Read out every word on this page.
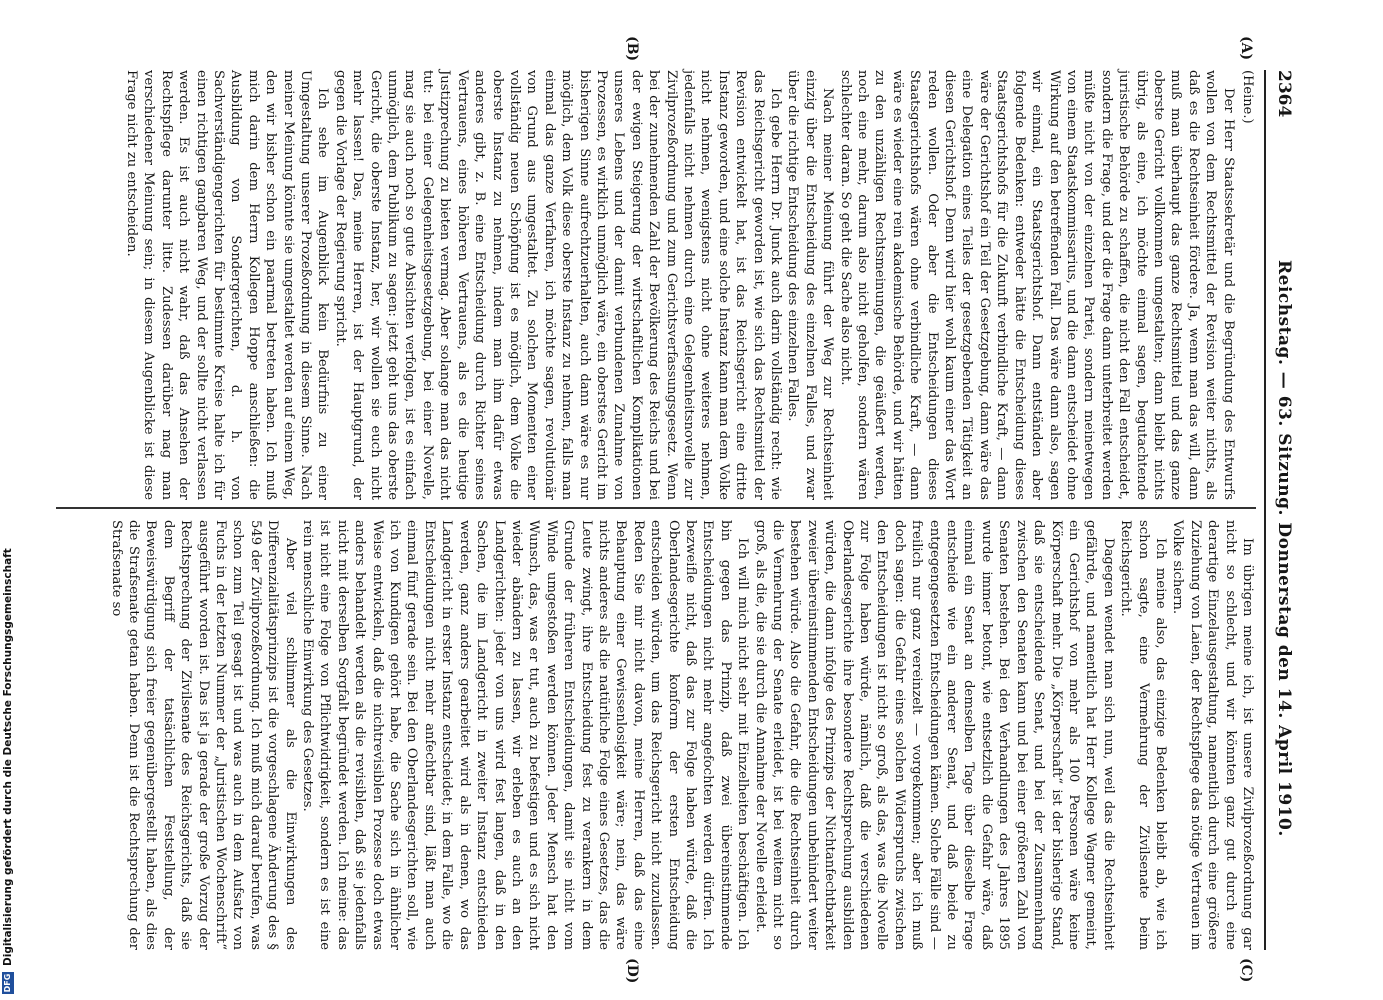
2364
Reichstag. — 63. Sitzung. Donnerstag den 14. April 1910.
(A)
(B)
(C)
(D)

(Heine.)

Der Herr Staatssekretär und die Begründung des Entwurfs wollen von dem Rechtsmittel der Revision weiter nichts, als daß es die Rechtseinheit fördere. Ja, wenn man das will, dann muß man überhaupt das ganze Rechtsmittel und das ganze oberste Gericht vollkommen umgestalten; dann bleibt nichts übrig, als eine, ich möchte einmal sagen, begutachtende juristische Behörde zu schaffen, die nicht den Fall entscheidet, sondern die Frage, und der die Frage dann unterbreitet werden müßte nicht von der einzelnen Partei, sondern meinetwegen von einem Staatskommissarius, und die dann entscheidet ohne Wirkung auf den betreffenden Fall. Das wäre dann also, sagen wir einmal, ein Staatsgerichtshof. Dann entständen aber folgende Bedenken: entweder hätte die Entscheidung dieses Staatsgerichtshofs für die Zukunft verbindliche Kraft, — dann wäre der Gerichtshof ein Teil der Gesetzgebung, dann wäre das eine Delegation eines Teiles der gesetzgebenden Tätigkeit an diesen Gerichtshof. Denn wird hier wohl kaum einer das Wort reden wollen. Oder aber die Entscheidungen dieses Staatsgerichtshofs wären ohne verbindliche Kraft, — dann wäre es wieder eine rein akademische Behörde, und wir hätten zu den unzähligen Rechtsmeinungen, die geäußert werden, noch eine mehr, darum also nicht geholfen, sondern wären schlechter daran. So geht die Sache also nicht.

Nach meiner Meinung führt der Weg zur Rechtseinheit einzig über die Entscheidung des einzelnen Falles, und zwar über die richtige Entscheidung des einzelnen Falles.

Ich gebe Herrn Dr. Junck auch darin vollständig recht: wie das Reichsgericht geworden ist, wie sich das Rechtsmittel der Revision entwickelt hat, ist das Reichsgericht eine dritte Instanz geworden, und eine solche Instanz kann man dem Volke nicht nehmen, wenigstens nicht ohne weiteres nehmen, jedenfalls nicht nehmen durch eine Gelegenheitsnovelle zur Zivilprozeßordnung und zum Gerichtsverfassungsgesetz. Wenn bei der zunehmenden Zahl der Bevölkerung des Reichs und bei der ewigen Steigerung der wirtschaftlichen Komplikationen unseres Lebens und der damit verbundenen Zunahme von Prozessen, es wirklich unmöglich wäre, ein oberstes Gericht im bisherigen Sinne aufrechtzuerhalten, auch dann wäre es nur möglich, dem Volk diese oberste Instanz zu nehmen, falls man einmal das ganze Verfahren, ich möchte sagen, revolutionär von Grund aus umgestaltet. Zu solchen Momenten einer vollständig neuen Schöpfung ist es möglich, dem Volke die oberste Instanz zu nehmen, indem man ihm dafür etwas anderes gibt, z. B. eine Entscheidung durch Richter seines Vertrauens, eines höheren Vertrauens, als es die heutige Justizprechung zu bieten vermag. Aber solange man das nicht tut: bei einer Gelegenheitsgesetzgebung, bei einer Novelle, mag sie auch noch so gute Absichten verfolgen, ist es einfach unmöglich, dem Publikum zu sagen: jetzt geht uns das oberste Gericht, die oberste Instanz, her, wir wollen sie euch nicht mehr lassen! Das, meine Herren, ist der Hauptgrund, der gegen die Vorlage der Regierung spricht.

Ich sehe im Augenblick kein Bedürfnis zu einer Umgestaltung unserer Prozeßordnung in diesem Sinne. Nach meiner Meinung könnte sie umgestaltet werden auf einem Weg, den wir bisher schon ein paarmal betreten haben. Ich muß mich darin dem Herrn Kollegen Hoppe anschließen: die Ausbildung von Sondergerichten, d. h. von Sachverständigengerichten für bestimmte Kreise halte ich für einen richtigen gangbaren Weg, und der sollte nicht verlassen werden. Es ist auch nicht wahr, daß das Ansehen der Rechtspflege darunter litte. Zudessen darüber mag man verschiedener Meinung sein; in diesem Augenblicke ist diese Frage nicht zu entscheiden.

Im übrigen meine ich, ist unsere Zivilprozeßordnung gar nicht so schlecht, und wir könnten ganz gut durch eine derartige Einzelausgestaltung, namentlich durch eine größere Zuziehung von Laien, der Rechtspflege das nötige Vertrauen im Volke sichern.

Ich meine also, das einzige Bedenken bleibt ab, wie ich schon sagte, eine Vermehrung der Zivilsenate beim Reichsgericht.

Dagegen wendet man sich nun, weil das die Rechtseinheit gefährde, und namentlich hat Herr Kollege Wagner gemeint, ein Gerichtshof von mehr als 100 Personen wäre keine Körperschaft mehr. Die „Körperschaft“ ist der bisherige Stand, daß sie entscheidende Senat, und bei der Zusammenhang zwischen den Senaten kann und bei einer größeren Zahl von Senaten bestehen. Bei den Verhandlungen des Jahres 1895 wurde immer betont, wie entsetzlich die Gefahr wäre, daß einmal ein Senat an demselben Tage über dieselbe Frage entscheide wie ein anderer Senat, und daß beide zu entgegengesetzten Entscheidungen kämen. Solche Fälle sind — freilich nur ganz vereinzelt — vorgekommen; aber ich muß doch sagen: die Gefahr eines solchen Widerspruchs zwischen den Entscheidungen ist nicht so groß, als das, was die Novelle zur Folge haben würde, nämlich, daß die verschiedenen Oberlandesgerichte ihre besondere Rechtsprechung ausbilden würden, die dann infolge des Prinzips der Nichtanfechtbarkeit zweier übereinstimmenden Entscheidungen unbehindert weiter bestehen würde. Also die Gefahr, die die Rechtseinheit durch die Vermehrung der Senate erleidet, ist bei weitem nicht so groß, als die, die sie durch die Annahme der Novelle erleidet.

Ich will mich nicht sehr mit Einzelheiten beschäftigen. Ich bin gegen das Prinzip, daß zwei übereinstimmende Entscheidungen nicht mehr angefochten werden dürfen. Ich bezweifle nicht, daß das zur Folge haben würde, daß die Oberlandesgerichte konform der ersten Entscheidung entscheiden würden, um das Reichsgericht nicht zuzulassen. Reden Sie mir nicht davon, meine Herren, daß das eine Behauptung einer Gewissenlosigkeit wäre; nein, das wäre nichts anderes als die natürliche Folge eines Gesetzes, das die Leute zwingt, ihre Entscheidung fest zu verankern in dem Grunde der früheren Entscheidungen, damit sie nicht vom Winde umgestoßen werden können. Jeder Mensch hat den Wunsch, das, was er tut, auch zu befestigen und es sich nicht wieder abändern zu lassen, wir erleben es auch an den Landgerichten: jeder von uns wird fest langen, daß in den Sachen, die im Landgericht in zweiter Instanz entschieden werden, ganz anders gearbeitet wird als in denen, wo das Landgericht in erster Instanz entscheidet; in dem Falle, wo die Entscheidungen nicht mehr anfechtbar sind, läßt man auch einmal fünf gerade sein. Bei den Oberlandesgerichten soll, wie ich von Kundigen gehört habe, die Sache sich in ähnlicher Weise entwickeln, daß die nichtrevisiblen Prozesse doch etwas anders behandelt werden als die revisiblen, daß sie jedenfalls nicht mit derselben Sorgfalt begründet werden. Ich meine: das ist nicht eine Folge von Pflichtwidrigkeit, sondern es ist eine rein menschliche Einwirkung des Gesetzes.

Aber viel schlimmer als die Einwirkungen des Differenzialitätsprinzips ist die vorgeschlagene Änderung des § 549 der Zivilprozeßordnung. Ich muß mich darauf berufen, was schon zum Teil gesagt ist und was auch in dem Aufsatz von Fuchs in der letzten Nummer der „Juristischen Wochenschrift“ ausgeführt worden ist. Das ist ja gerade der große Vorzug der Rechtsprechung der Zivilsenate des Reichsgerichts, daß sie dem Begriff der tatsächlichen Feststellung, der Beweiswürdigung sich freier gegenübergestellt haben, als dies die Strafsenate getan haben. Denn ist die Rechtsprechung der Strafsenate so

DFG
Digitalisierung gefördert durch die Deutsche Forschungsgemeinschaft
